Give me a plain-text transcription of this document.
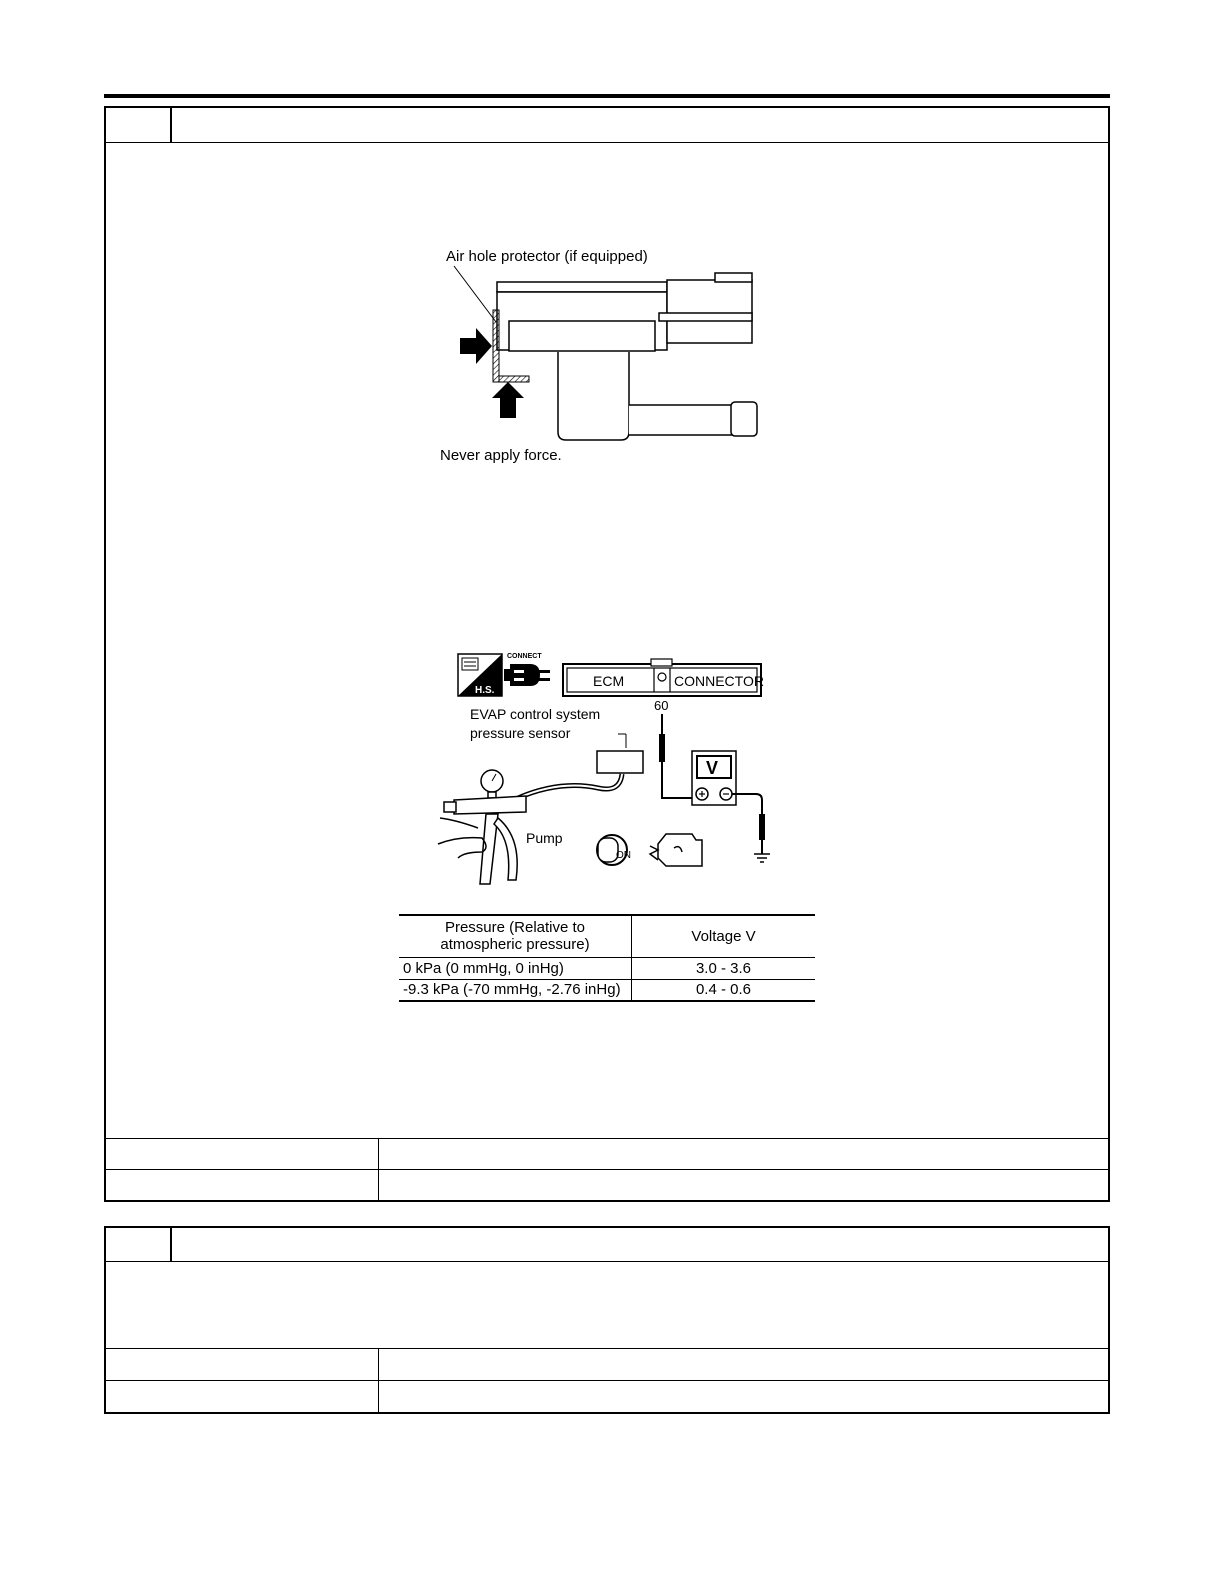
Air hole protector (if equipped)
Never apply force.
H.S.
CONNECT
ECM	CONNECTOR
60
EVAP control system
pressure sensor
V
Pump
ON
Pressure (Relative to
atmospheric pressure)	Voltage V
0 kPa (0 mmHg, 0 inHg)	3.0 - 3.6
-9.3 kPa (-70 mmHg, -2.76 inHg)	0.4 - 0.6
